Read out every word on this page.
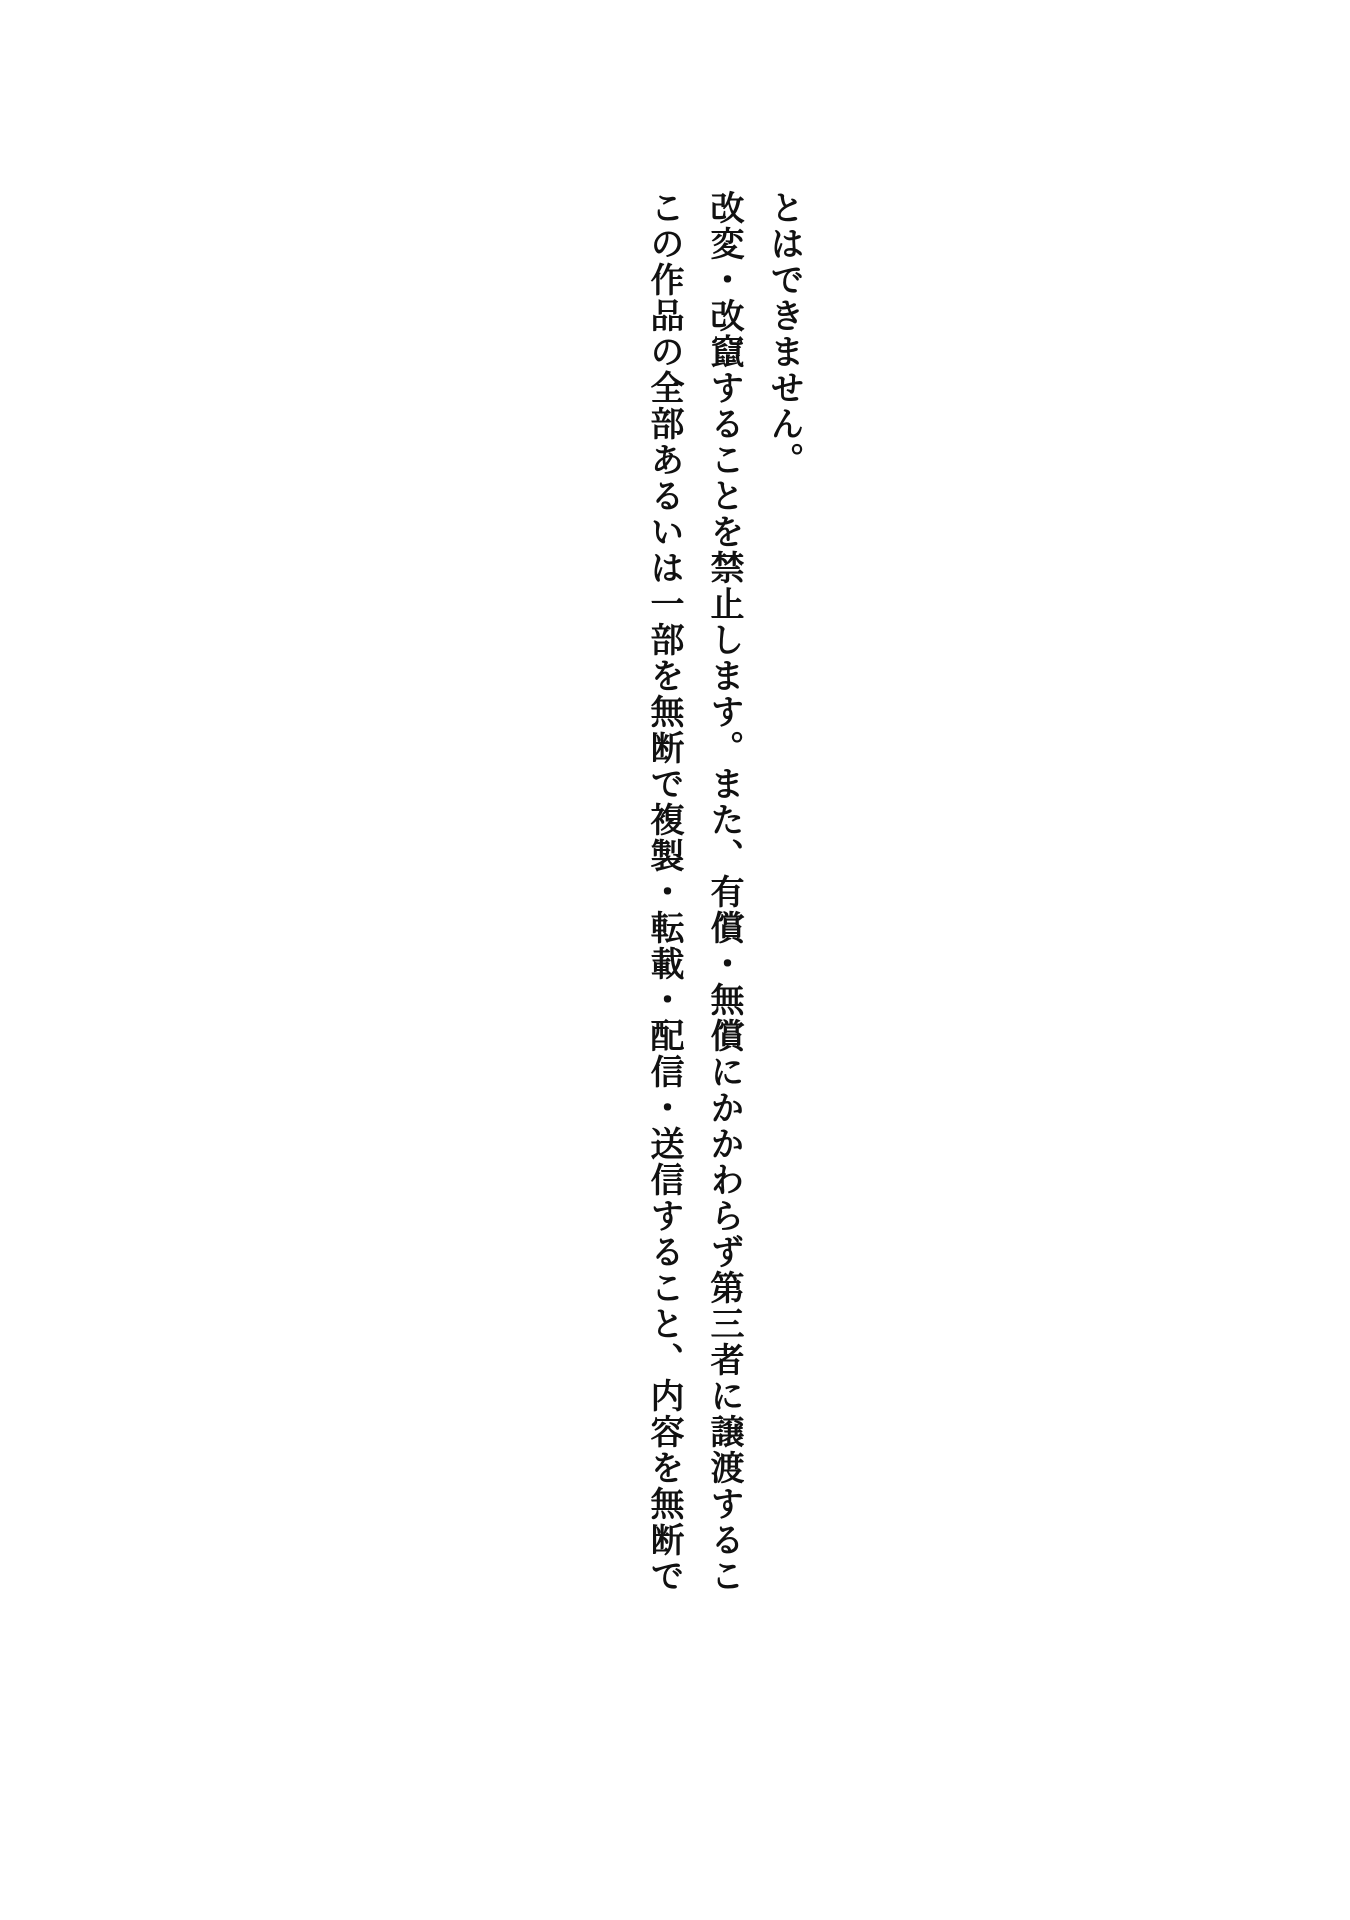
この作品の全部あるいは一部を無断で複製・転載・配信・送信すること、内容を無断で 改変・改竄することを禁止します。また、有償・無償にかかわらず第三者に譲渡するこ とはできません。
